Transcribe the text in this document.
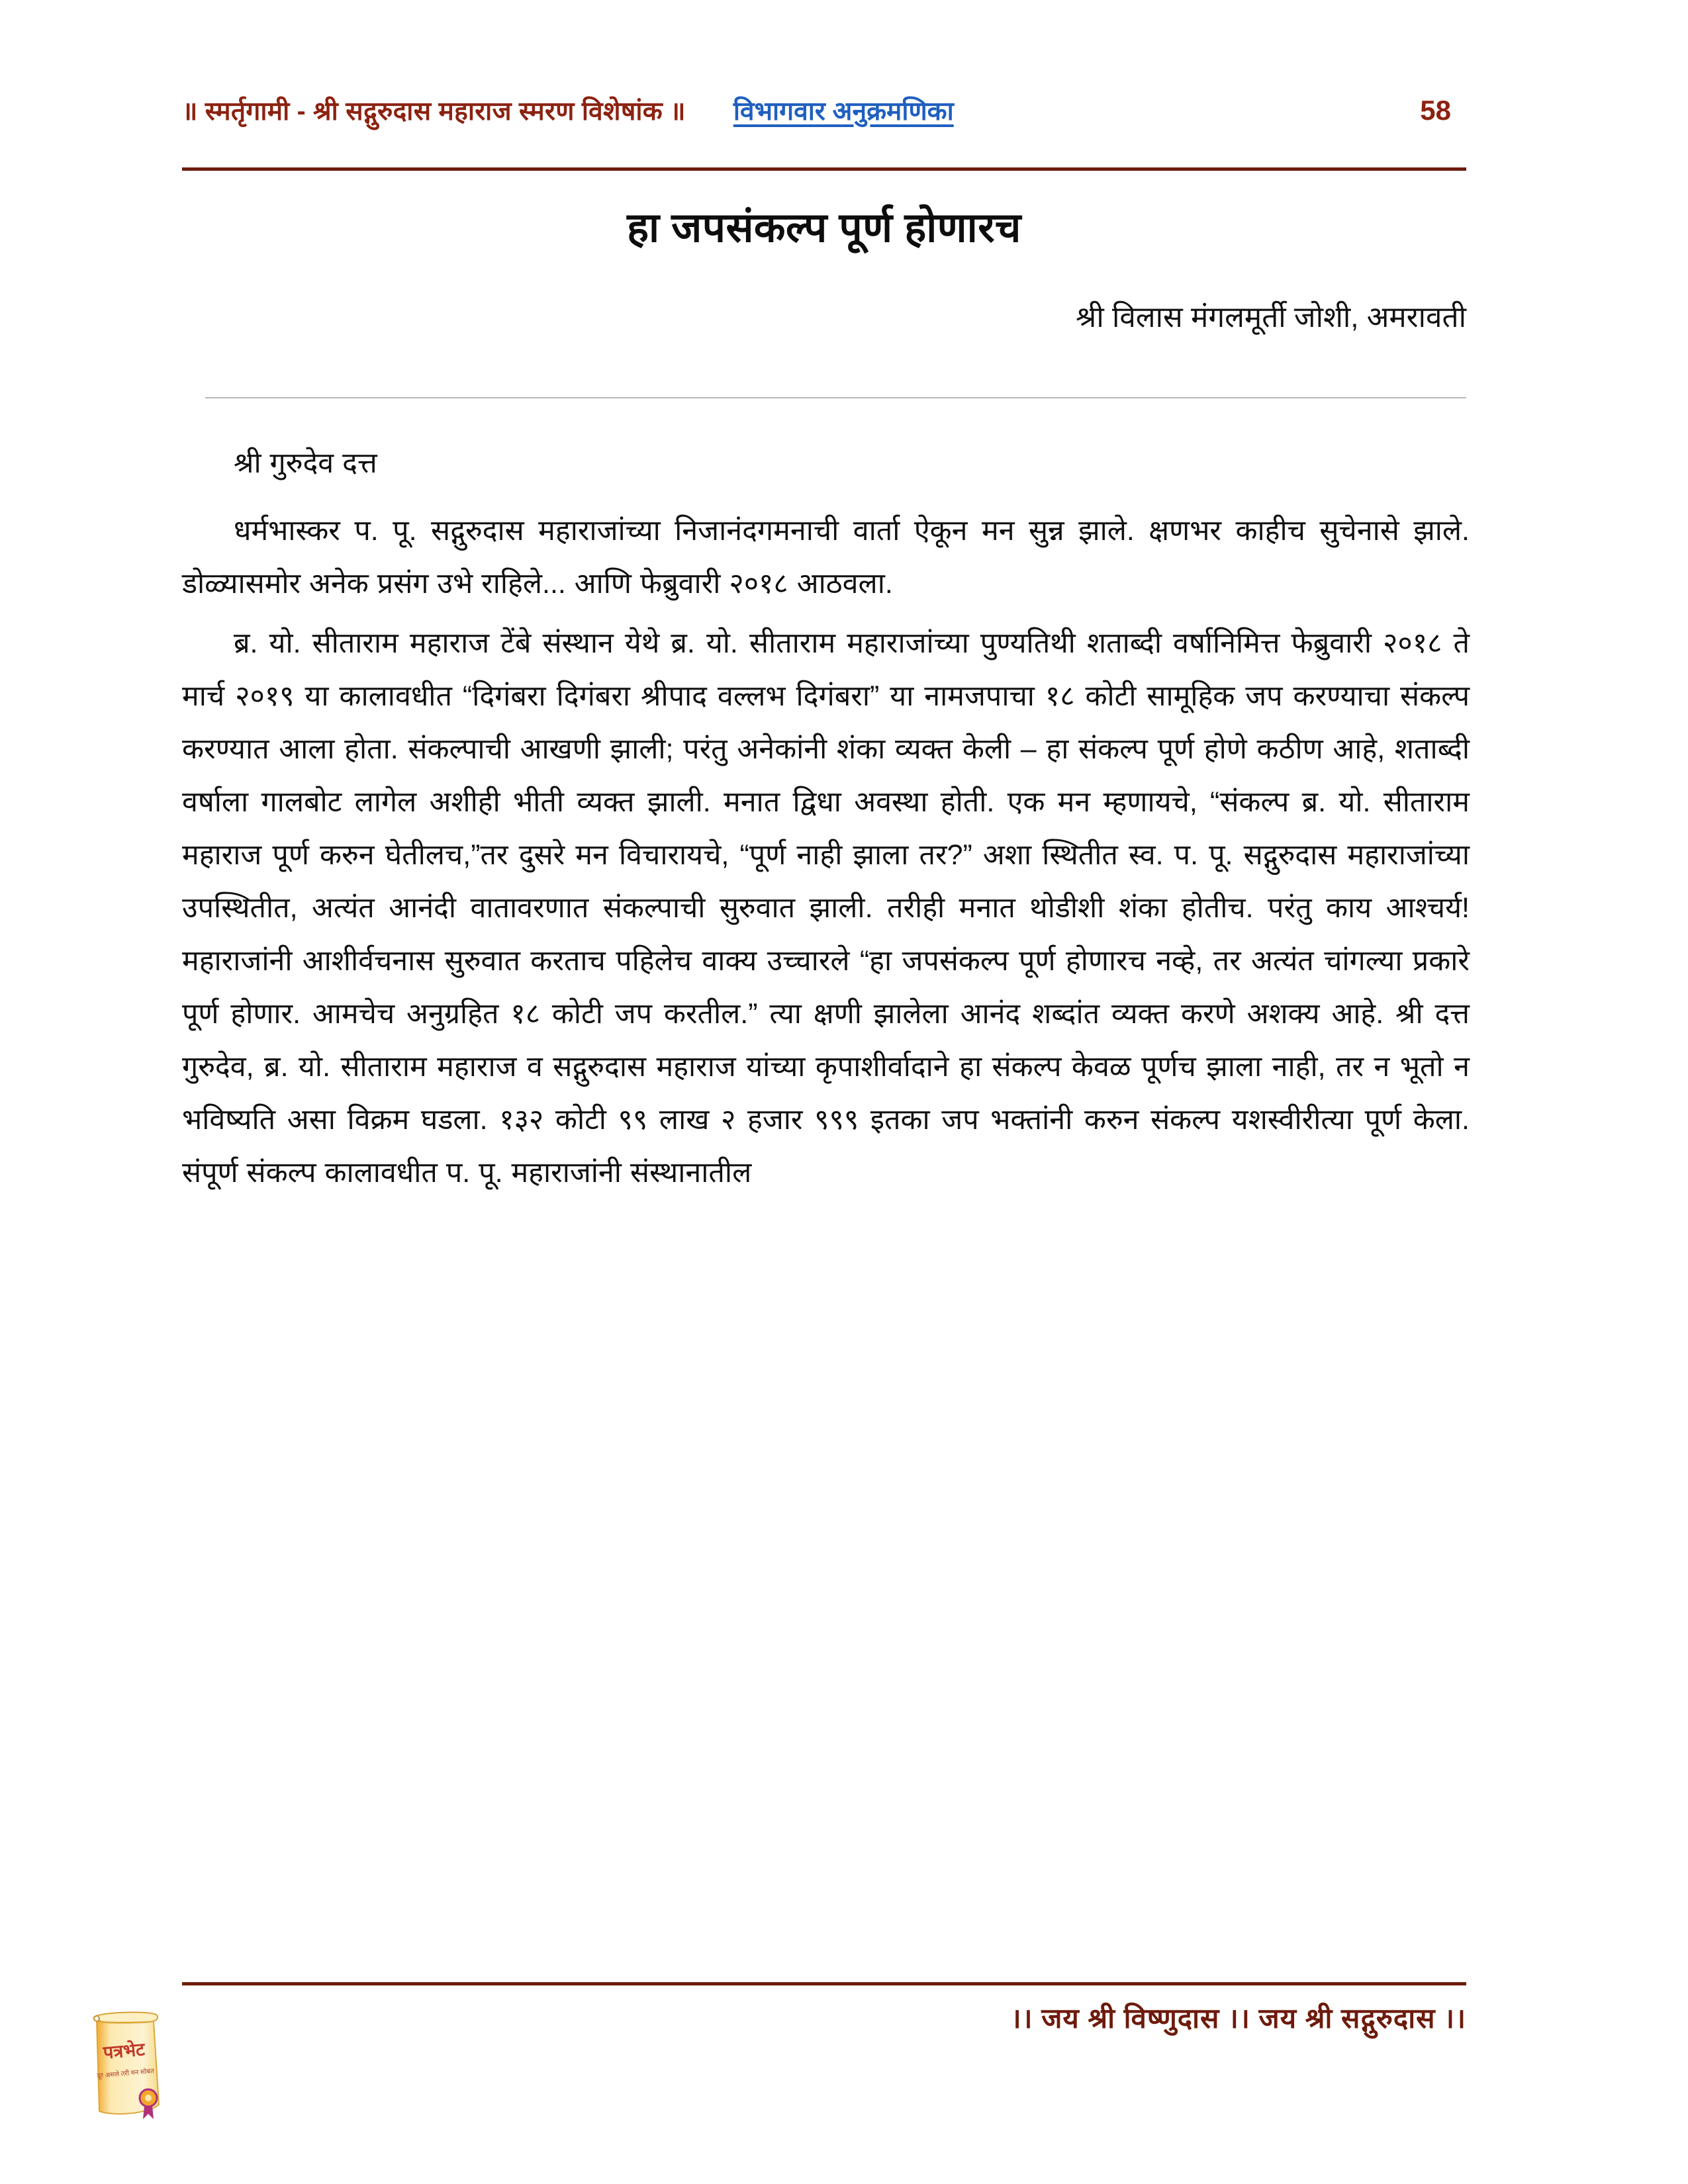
॥ स्मर्तृगामी - श्री सद्गुरुदास महाराज स्मरण विशेषांक ॥ विभागवार अनुक्रमणिका	58
हा जपसंकल्प पूर्ण होणारच
श्री विलास मंगलमूर्ती जोशी, अमरावती

श्री गुरुदेव दत्त

धर्मभास्कर प. पू. सद्गुरुदास महाराजांच्या निजानंदगमनाची वार्ता ऐकून मन सुन्न झाले. क्षणभर काहीच सुचेनासे झाले. डोळ्यासमोर अनेक प्रसंग उभे राहिले... आणि फेब्रुवारी २०१८ आठवला.

ब्र. यो. सीताराम महाराज टेंबे संस्थान येथे ब्र. यो. सीताराम महाराजांच्या पुण्यतिथी शताब्दी वर्षानिमित्त फेब्रुवारी २०१८ ते मार्च २०१९ या कालावधीत “दिगंबरा दिगंबरा श्रीपाद वल्लभ दिगंबरा” या नामजपाचा १८ कोटी सामूहिक जप करण्याचा संकल्प करण्यात आला होता. संकल्पाची आखणी झाली; परंतु अनेकांनी शंका व्यक्त केली – हा संकल्प पूर्ण होणे कठीण आहे, शताब्दी वर्षाला गालबोट लागेल अशीही भीती व्यक्त झाली. मनात द्विधा अवस्था होती. एक मन म्हणायचे, “संकल्प ब्र. यो. सीताराम महाराज पूर्ण करुन घेतीलच,”तर दुसरे मन विचारायचे, “पूर्ण नाही झाला तर?” अशा स्थितीत स्व. प. पू. सद्गुरुदास महाराजांच्या उपस्थितीत, अत्यंत आनंदी वातावरणात संकल्पाची सुरुवात झाली. तरीही मनात थोडीशी शंका होतीच. परंतु काय आश्चर्य! महाराजांनी आशीर्वचनास सुरुवात करताच पहिलेच वाक्य उच्चारले “हा जपसंकल्प पूर्ण होणारच नव्हे, तर अत्यंत चांगल्या प्रकारे पूर्ण होणार. आमचेच अनुग्रहित १८ कोटी जप करतील.” त्या क्षणी झालेला आनंद शब्दांत व्यक्त करणे अशक्य आहे. श्री दत्त गुरुदेव, ब्र. यो. सीताराम महाराज व सद्गुरुदास महाराज यांच्या कृपाशीर्वादाने हा संकल्प केवळ पूर्णच झाला नाही, तर न भूतो न भविष्यति असा विक्रम घडला. १३२ कोटी ९९ लाख २ हजार ९९९ इतका जप भक्तांनी करुन संकल्प यशस्वीरीत्या पूर्ण केला. संपूर्ण संकल्प कालावधीत प. पू. महाराजांनी संस्थानातील

।। जय श्री विष्णुदास ।। जय श्री सद्गुरुदास ।।
पत्रभेट
दूर असले तरी मन सोबत
